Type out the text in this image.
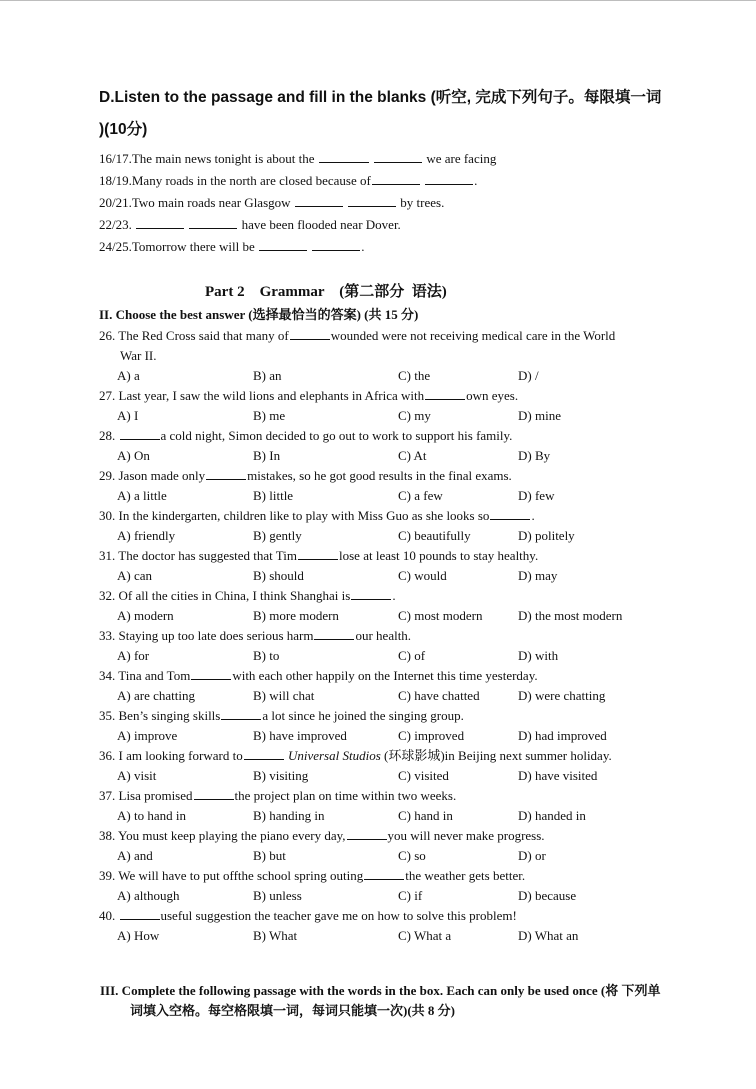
D.Listen to the passage and fill in the blanks (听空, 完成下列句子。每限填一词
)(10分)
16/17.The main news tonight is about the	we are facing
18/19.Many roads in the north are closed because of	.
20/21.Two main roads near Glasgow	by trees.
22/23.	have been flooded near Dover.
24/25.Tomorrow there will be	.
Part 2    Grammar    (第二部分  语法)
II. Choose the best answer (选择最恰当的答案) (共 15 分)
26. The Red Cross said that many of	wounded were not receiving medical care in the World
War II.
A) a	B) an	C) the	D) /
27. Last year, I saw the wild lions and elephants in Africa with	own eyes.
A) I	B) me	C) my	D) mine
28.	a cold night, Simon decided to go out to work to support his family.
A) On	B) In	C) At	D) By
29. Jason made only	mistakes, so he got good results in the final exams.
A) a little	B) little	C) a few	D) few
30. In the kindergarten, children like to play with Miss Guo as she looks so	.
A) friendly	B) gently	C) beautifully	D) politely
31. The doctor has suggested that Tim	lose at least 10 pounds to stay healthy.
A) can	B) should	C) would	D) may
32. Of all the cities in China, I think Shanghai is	.
A) modern	B) more modern	C) most modern	D) the most modern
33. Staying up too late does serious harm	our health.
A) for	B) to	C) of	D) with
34. Tina and Tom	with each other happily on the Internet this time yesterday.
A) are chatting	B) will chat	C) have chatted	D) were chatting
35. Ben’s singing skills	a lot since he joined the singing group.
A) improve	B) have improved	C) improved	D) had improved
36. I am looking forward to	Universal Studios (环球影城)in Beijing next summer holiday.
A) visit	B) visiting	C) visited	D) have visited
37. Lisa promised	the project plan on time within two weeks.
A) to hand in	B) handing in	C) hand in	D) handed in
38. You must keep playing the piano every day,	you will never make progress.
A) and	B) but	C) so	D) or
39. We will have to put offthe school spring outing	the weather gets better.
A) although	B) unless	C) if	D) because
40.	useful suggestion the teacher gave me on how to solve this problem!
A) How	B) What	C) What a	D) What an
III. Complete the following passage with the words in the box. Each can only be used once (将 下列单
词填入空格。每空格限填一词，每词只能填一次)(共 8 分)
